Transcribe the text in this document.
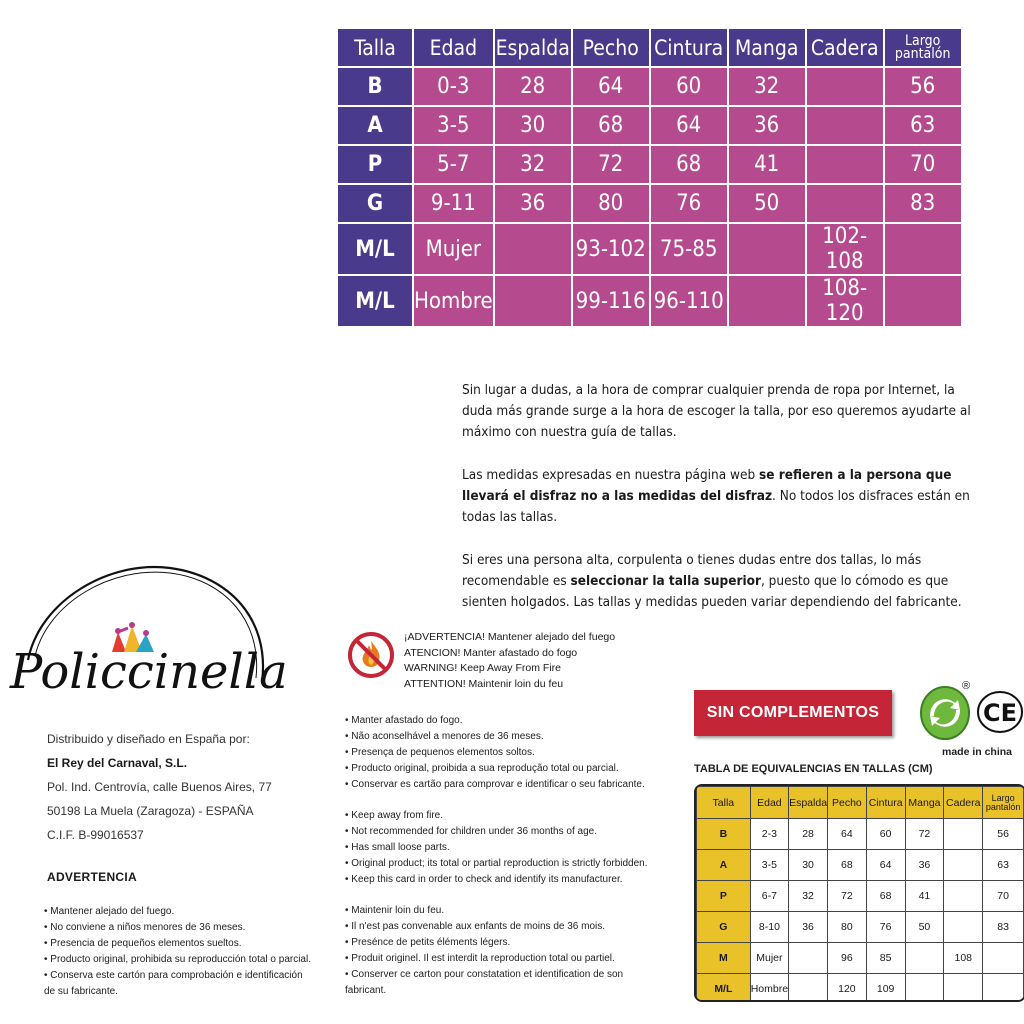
Talla	Edad	Espalda	Pecho	Cintura	Manga	Cadera	Largo
pantalón

B	0-3	28	64	60	32		56
A	3-5	30	68	64	36		63
P	5-7	32	72	68	41		70
G	9-11	36	80	76	50		83
M/L	Mujer		93-102	75-85		102-108	
M/L	Hombre		99-116	96-110		108-120	

Sin lugar a dudas, a la hora de comprar cualquier prenda de ropa por Internet, la duda más grande surge a la hora de escoger la talla, por eso queremos ayudarte al máximo con nuestra guía de tallas.

Las medidas expresadas en nuestra página web se refieren a la persona que llevará el disfraz no a las medidas del disfraz. No todos los disfraces están en todas las tallas.

Si eres una persona alta, corpulenta o tienes dudas entre dos tallas, lo más recomendable es seleccionar la talla superior, puesto que lo cómodo es que sienten holgados. Las tallas y medidas pueden variar dependiendo del fabricante.

Policcinella
Distribuido y diseñado en España por:
El Rey del Carnaval, S.L.
Pol. Ind. Centrovía, calle Buenos Aires, 77
50198 La Muela (Zaragoza) - ESPAÑA
C.I.F. B-99016537
ADVERTENCIA
• Mantener alejado del fuego.
• No conviene a niños menores de 36 meses.
• Presencia de pequeños elementos sueltos.
• Producto original, prohibida su reproducción total o parcial.
• Conserva este cartón para comprobación e identificación
de su fabricante.
¡ADVERTENCIA! Mantener alejado del fuego
ATENCION! Manter afastado do fogo
WARNING! Keep Away From Fire
ATTENTION! Maintenir loin du feu
• Manter afastado do fogo.
• Não aconselhável a menores de 36 meses.
• Presença de pequenos elementos soltos.
• Producto original, proibida a sua reprodução total ou parcial.
• Conservar es cartão para comprovar e identificar o seu fabricante.
• Keep away from fire.
• Not recommended for children under 36 months of age.
• Has small loose parts.
• Original product; its total or partial reproduction is strictly forbidden.
• Keep this card in order to check and identify its manufacturer.
• Maintenir loin du feu.
• Il n'est pas convenable aux enfants de moins de 36 mois.
• Presénce de petits éléments légers.
• Produit originel. Il est interdit la reproduction total ou partiel.
• Conserver ce carton pour constatation et identification de son
fabricant.
SIN COMPLEMENTOS
®
CE
made in china
TABLA DE EQUIVALENCIAS EN TALLAS (CM)
Talla	Edad	Espalda	Pecho	Cintura	Manga	Cadera	Largo
pantalón

B	2-3	28	64	60	72		56
A	3-5	30	68	64	36		63
P	6-7	32	72	68	41		70
G	8-10	36	80	76	50		83
M	Mujer		96	85		108	
M/L	Hombre		120	109			
